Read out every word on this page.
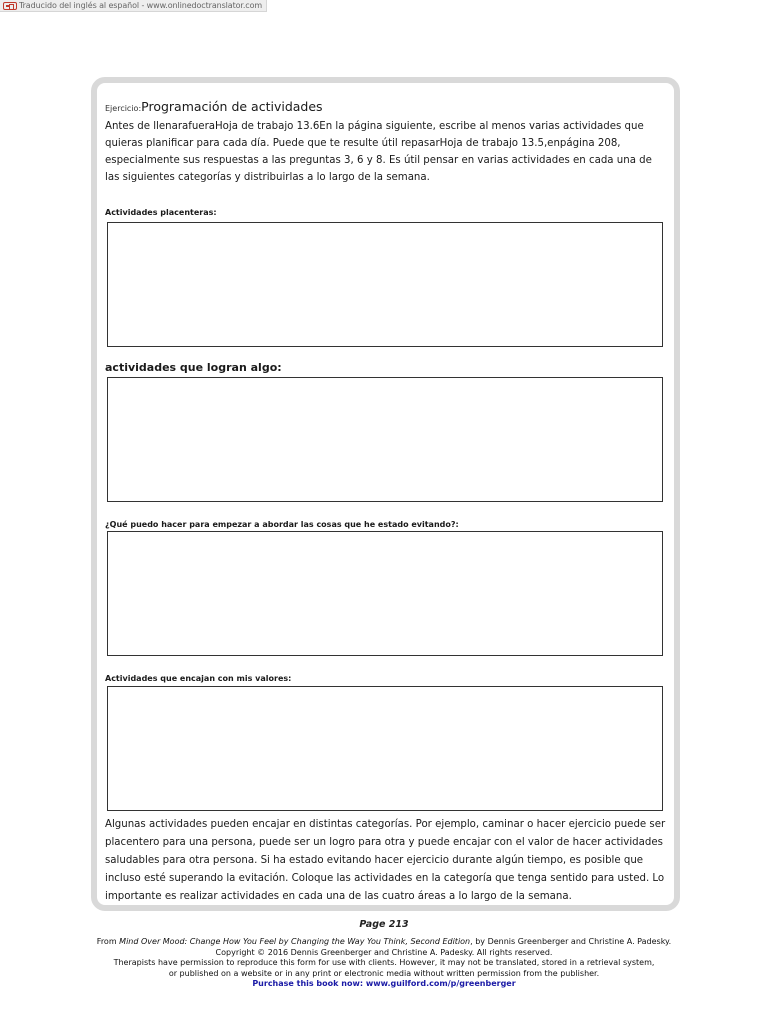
Traducido del inglés al español - www.onlinedoctranslator.com
Ejercicio:Programación de actividades

Antes de llenarafueraHoja de trabajo 13.6En la página siguiente, escribe al menos varias actividades que quieras planificar para cada día. Puede que te resulte útil repasarHoja de trabajo 13.5,enpágina 208, especialmente sus respuestas a las preguntas 3, 6 y 8. Es útil pensar en varias actividades en cada una de las siguientes categorías y distribuirlas a lo largo de la semana.

Actividades placenteras:
actividades que logran algo:
¿Qué puedo hacer para empezar a abordar las cosas que he estado evitando?:
Actividades que encajan con mis valores:

Algunas actividades pueden encajar en distintas categorías. Por ejemplo, caminar o hacer ejercicio puede ser placentero para una persona, puede ser un logro para otra y puede encajar con el valor de hacer actividades saludables para otra persona. Si ha estado evitando hacer ejercicio durante algún tiempo, es posible que incluso esté superando la evitación. Coloque las actividades en la categoría que tenga sentido para usted. Lo importante es realizar actividades en cada una de las cuatro áreas a lo largo de la semana.

Page 213
From Mind Over Mood: Change How You Feel by Changing the Way You Think, Second Edition, by Dennis Greenberger and Christine A. Padesky.
Copyright © 2016 Dennis Greenberger and Christine A. Padesky. All rights reserved.
Therapists have permission to reproduce this form for use with clients. However, it may not be translated, stored in a retrieval system,
or published on a website or in any print or electronic media without written permission from the publisher.
Purchase this book now: www.guilford.com/p/greenberger
